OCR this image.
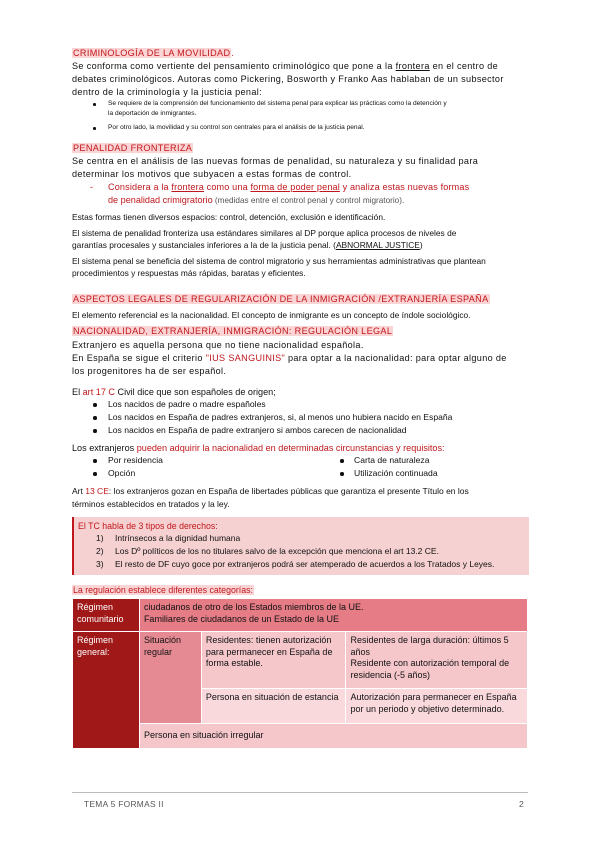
CRIMINOLOGÍA DE LA MOVILIDAD.
Se conforma como vertiente del pensamiento criminológico que pone a la frontera en el centro de
debates criminológicos. Autoras como Pickering, Bosworth y Franko Aas hablaban de un subsector
dentro de la criminología y la justicia penal:
Se requiere de la comprensión del funcionamiento del sistema penal para explicar las prácticas como la detención y
la deportación de inmigrantes.
Por otro lado, la movilidad y su control son centrales para el análisis de la justicia penal.
PENALIDAD FRONTERIZA
Se centra en el análisis de las nuevas formas de penalidad, su naturaleza y su finalidad para
determinar los motivos que subyacen a estas formas de control.
- Considera a la frontera como una forma de poder penal y analiza estas nuevas formas
de penalidad crimigratorio (medidas entre el control penal y control migratorio).
Estas formas tienen diversos espacios: control, detención, exclusión e identificación.
El sistema de penalidad fronteriza usa estándares similares al DP porque aplica procesos de niveles de
garantías procesales y sustanciales inferiores a la de la justicia penal. (ABNORMAL JUSTICE)
El sistema penal se beneficia del sistema de control migratorio y sus herramientas administrativas que plantean
procedimientos y respuestas más rápidas, baratas y eficientes.
ASPECTOS LEGALES DE REGULARIZACIÓN DE LA INMIGRACIÓN /EXTRANJERÍA ESPAÑA
El elemento referencial es la nacionalidad. El concepto de inmigrante es un concepto de índole sociológico.
NACIONALIDAD, EXTRANJERÍA, INMIGRACIÓN: REGULACIÓN LEGAL
Extranjero es aquella persona que no tiene nacionalidad española.
En España se sigue el criterio "IUS SANGUINIS" para optar a la nacionalidad: para optar alguno de
los progenitores ha de ser español.
El art 17 C Civil dice que son españoles de origen;
Los nacidos de padre o madre españoles
Los nacidos en España de padres extranjeros, si, al menos uno hubiera nacido en España
Los nacidos en España de padre extranjero si ambos carecen de nacionalidad
Los extranjeros pueden adquirir la nacionalidad en determinadas circunstancias y requisitos:
Por residencia
Opción
Carta de naturaleza
Utilización continuada
Art 13 CE: los extranjeros gozan en España de libertades públicas que garantiza el presente Título en los
términos establecidos en tratados y la ley.
El TC habla de 3 tipos de derechos:
1) Intrínsecos a la dignidad humana
2) Los Dº políticos de los no titulares salvo de la excepción que menciona el art 13.2 CE.
3) El resto de DF cuyo goce por extranjeros podrá ser atemperado de acuerdos a los Tratados y Leyes.
La regulación establece diferentes categorías:
Régimen comunitario	ciudadanos de otro de los Estados miembros de la UE.
Familiares de ciudadanos de un Estado de la UE		

Régimen general:	Situación regular	Residentes: tienen autorización para permanecer en España de forma estable.	Residentes de larga duración: últimos 5 años
Residente con autorización temporal de residencia (-5 años)

		Persona en situación de estancia	Autorización para permanecer en España por un periodo y objetivo determinado.
	Persona en situación irregular		
TEMA 5 FORMAS II	2
